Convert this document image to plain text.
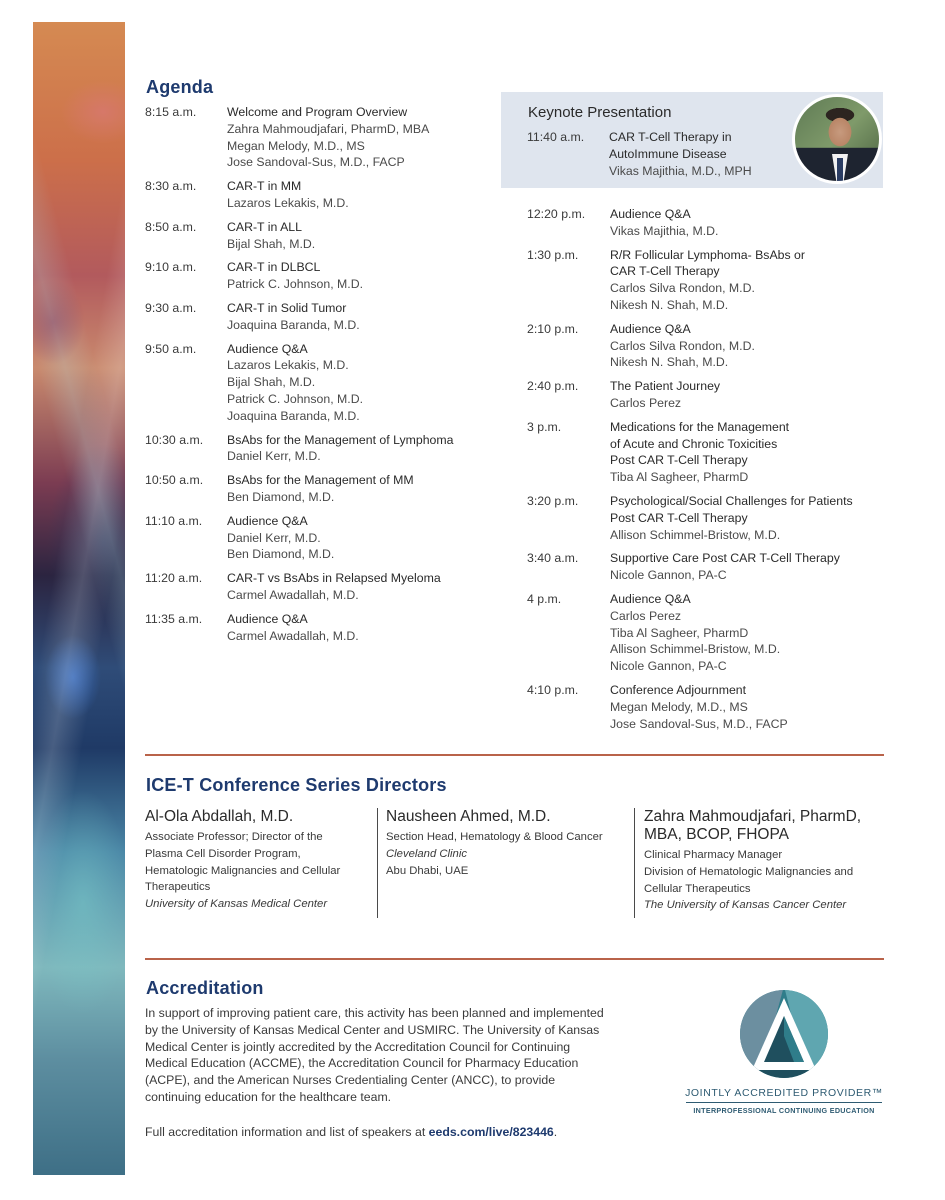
Agenda
8:15 a.m.	Welcome and Program Overview
Zahra Mahmoudjafari, PharmD, MBA
Megan Melody, M.D., MS
Jose Sandoval-Sus, M.D., FACP
8:30 a.m.	CAR-T in MM
Lazaros Lekakis, M.D.
8:50 a.m.	CAR-T in ALL
Bijal Shah, M.D.
9:10 a.m.	CAR-T in DLBCL
Patrick C. Johnson, M.D.
9:30 a.m.	CAR-T in Solid Tumor
Joaquina Baranda, M.D.
9:50 a.m.	Audience Q&A
Lazaros Lekakis, M.D.
Bijal Shah, M.D.
Patrick C. Johnson, M.D.
Joaquina Baranda, M.D.
10:30 a.m.	BsAbs for the Management of Lymphoma
Daniel Kerr, M.D.
10:50 a.m.	BsAbs for the Management of MM
Ben Diamond, M.D.
11:10 a.m.	Audience Q&A
Daniel Kerr, M.D.
Ben Diamond, M.D.
11:20 a.m.	CAR-T vs BsAbs in Relapsed Myeloma
Carmel Awadallah, M.D.
11:35 a.m.	Audience Q&A
Carmel Awadallah, M.D.
Keynote Presentation
11:40 a.m.	CAR T-Cell Therapy in
AutoImmune Disease
Vikas Majithia, M.D., MPH
12:20 p.m.	Audience Q&A
Vikas Majithia, M.D.
1:30 p.m.	R/R Follicular Lymphoma- BsAbs or
CAR T-Cell Therapy
Carlos Silva Rondon, M.D.
Nikesh N. Shah, M.D.
2:10 p.m.	Audience Q&A
Carlos Silva Rondon, M.D.
Nikesh N. Shah, M.D.
2:40 p.m.	The Patient Journey
Carlos Perez
3 p.m.	Medications for the Management
of Acute and Chronic Toxicities
Post CAR T-Cell Therapy
Tiba Al Sagheer, PharmD
3:20 p.m.	Psychological/Social Challenges for Patients
Post CAR T-Cell Therapy
Allison Schimmel-Bristow, M.D.
3:40 a.m.	Supportive Care Post CAR T-Cell Therapy
Nicole Gannon, PA-C
4 p.m.	Audience Q&A
Carlos Perez
Tiba Al Sagheer, PharmD
Allison Schimmel-Bristow, M.D.
Nicole Gannon, PA-C
4:10 p.m.	Conference Adjournment
Megan Melody, M.D., MS
Jose Sandoval-Sus, M.D., FACP
ICE-T Conference Series Directors
Al-Ola Abdallah, M.D.
Associate Professor; Director of the
Plasma Cell Disorder Program,
Hematologic Malignancies and Cellular
Therapeutics
University of Kansas Medical Center
Nausheen Ahmed, M.D.
Section Head, Hematology & Blood Cancer
Cleveland Clinic
Abu Dhabi, UAE
Zahra Mahmoudjafari, PharmD,
MBA, BCOP, FHOPA
Clinical Pharmacy Manager
Division of Hematologic Malignancies and
Cellular Therapeutics
The University of Kansas Cancer Center
Accreditation
In support of improving patient care, this activity has been planned and implemented
by the University of Kansas Medical Center and USMIRC. The University of Kansas
Medical Center is jointly accredited by the Accreditation Council for Continuing
Medical Education (ACCME), the Accreditation Council for Pharmacy Education
(ACPE), and the American Nurses Credentialing Center (ANCC), to provide
continuing education for the healthcare team.
Full accreditation information and list of speakers at eeds.com/live/823446.
JOINTLY ACCREDITED PROVIDER™
INTERPROFESSIONAL CONTINUING EDUCATION
